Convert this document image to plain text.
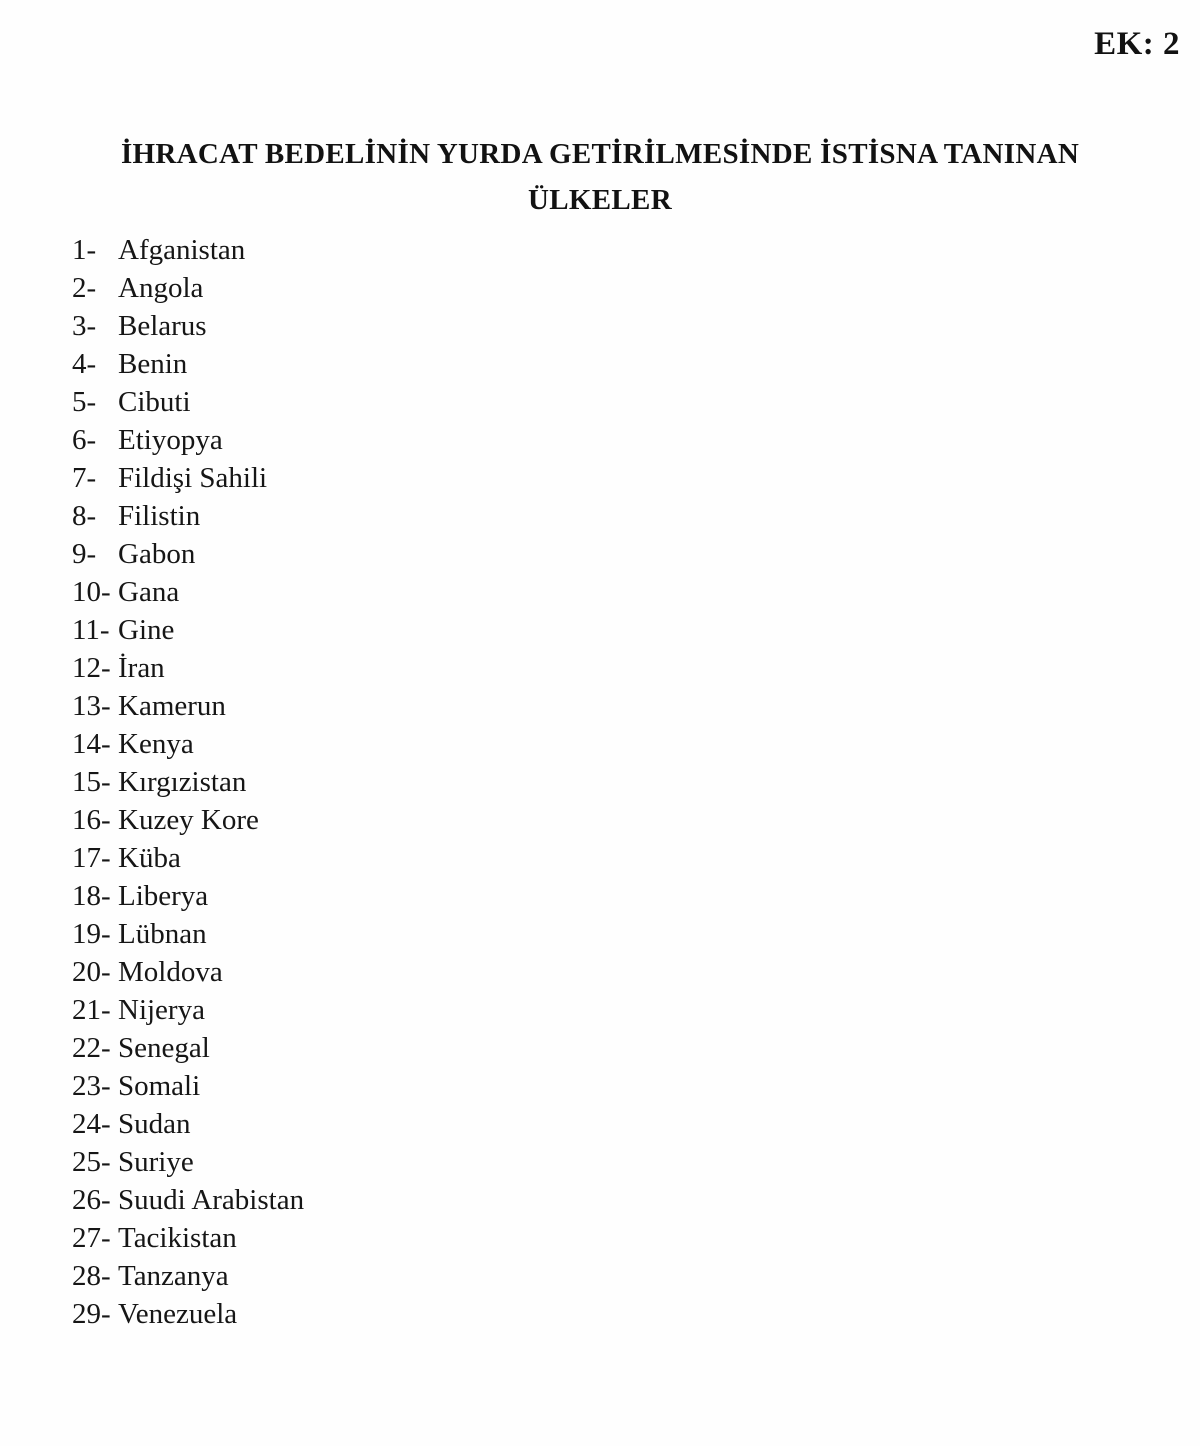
EK: 2
İHRACAT BEDELİNİN YURDA GETİRİLMESİNDE İSTİSNA TANINAN
ÜLKELER
1- Afganistan
2- Angola
3- Belarus
4- Benin
5- Cibuti
6- Etiyopya
7- Fildişi Sahili
8- Filistin
9- Gabon
10- Gana
11- Gine
12- İran
13- Kamerun
14- Kenya
15- Kırgızistan
16- Kuzey Kore
17- Küba
18- Liberya
19- Lübnan
20- Moldova
21- Nijerya
22- Senegal
23- Somali
24- Sudan
25- Suriye
26- Suudi Arabistan
27- Tacikistan
28- Tanzanya
29- Venezuela
